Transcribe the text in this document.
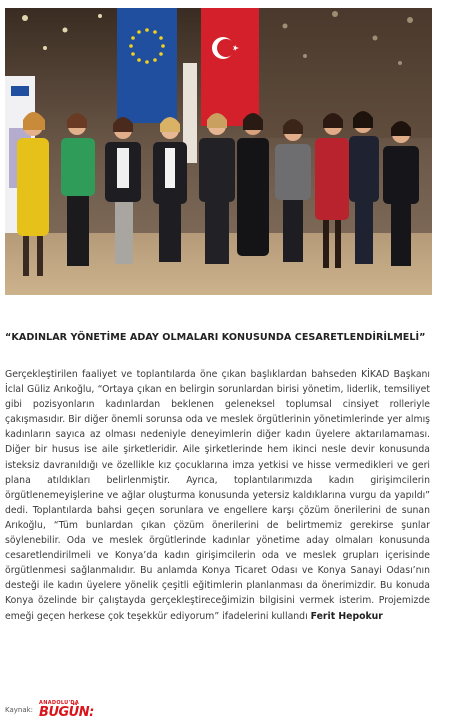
“KADINLAR YÖNETİME ADAY OLMALARI KONUSUNDA CESARETLENDİRİLMELİ”

Gerçekleştirilen faaliyet ve toplantılarda öne çıkan başlıklardan bahseden KİKAD Başkanı İclal Güliz Arıkoğlu, “Ortaya çıkan en belirgin sorunlardan birisi yönetim, liderlik, temsiliyet gibi pozisyonların kadınlardan beklenen geleneksel toplumsal cinsiyet rolleriyle çakışmasıdır. Bir diğer önemli sorunsa oda ve meslek örgütlerinin yönetimlerinde yer almış kadınların sayıca az olması nedeniyle deneyimlerin diğer kadın üyelere aktarılamaması. Diğer bir husus ise aile şirketleridir. Aile şirketlerinde hem ikinci nesle devir konusunda isteksiz davranıldığı ve özellikle kız çocuklarına imza yetkisi ve hisse vermedikleri ve geri plana atıldıkları belirlenmiştir. Ayrıca, toplantılarımızda kadın girişimcilerin örgütlenemeyişlerine ve ağlar oluşturma konusunda yetersiz kaldıklarına vurgu da yapıldı” dedi. Toplantılarda bahsi geçen sorunlara ve engellere karşı çözüm önerilerini de sunan Arıkoğlu, “Tüm bunlardan çıkan çözüm önerilerini de belirtmemiz gerekirse şunlar söylenebilir. Oda ve meslek örgütlerinde kadınlar yönetime aday olmaları konusunda cesaretlendirilmeli ve Konya’da kadın girişimcilerin oda ve meslek grupları içerisinde örgütlenmesi sağlanmalıdır. Bu anlamda Konya Ticaret Odası ve Konya Sanayi Odası’nın desteği ile kadın üyelere yönelik çeşitli eğitimlerin planlanması da önerimizdir. Bu konuda Konya özelinde bir çalıştayda gerçekleştireceğimizin bilgisini vermek isterim. Projemizde emeği geçen herkese çok teşekkür ediyorum” ifadelerini kullandı Ferit Hepokur

Kaynak:
ANADOLU'DA
BUGÜN:
